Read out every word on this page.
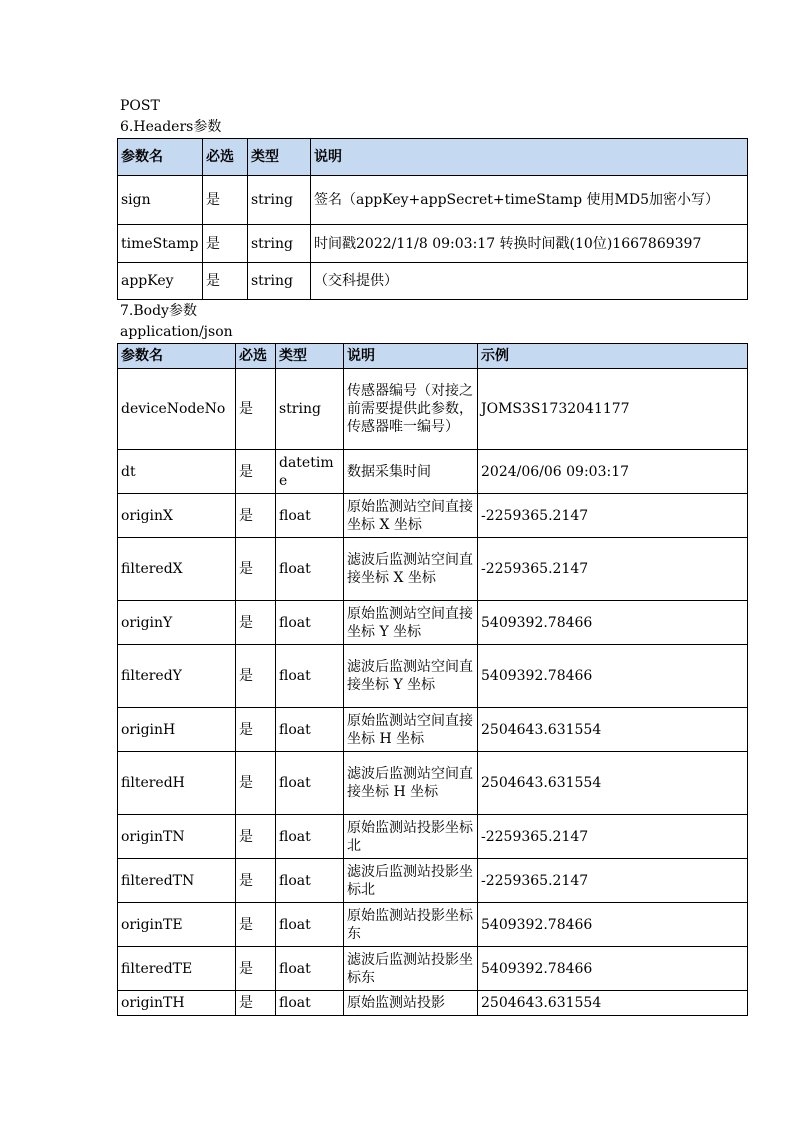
POST
6.Headers参数
参数名	必选	类型	说明
sign	是	string	签名（appKey+appSecret+timeStamp 使用MD5加密小写）
timeStamp	是	string	时间戳2022/11/8 09:03:17 转换时间戳(10位)1667869397
appKey	是	string	（交科提供）
7.Body参数
application/json
参数名	必选	类型	说明	示例
deviceNodeNo	是	string	传感器编号（对接之前需要提供此参数，传感器唯一编号）	JOMS3S1732041177
dt	是	datetime	数据采集时间	2024/06/06 09:03:17
originX	是	float	原始监测站空间直接坐标 X 坐标	-2259365.2147
filteredX	是	float	滤波后监测站空间直接坐标 X 坐标	-2259365.2147
originY	是	float	原始监测站空间直接坐标 Y 坐标	5409392.78466
filteredY	是	float	滤波后监测站空间直接坐标 Y 坐标	5409392.78466
originH	是	float	原始监测站空间直接坐标 H 坐标	2504643.631554
filteredH	是	float	滤波后监测站空间直接坐标 H 坐标	2504643.631554
originTN	是	float	原始监测站投影坐标北	-2259365.2147
filteredTN	是	float	滤波后监测站投影坐标北	-2259365.2147
originTE	是	float	原始监测站投影坐标东	5409392.78466
filteredTE	是	float	滤波后监测站投影坐标东	5409392.78466
originTH	是	float	原始监测站投影	2504643.631554
